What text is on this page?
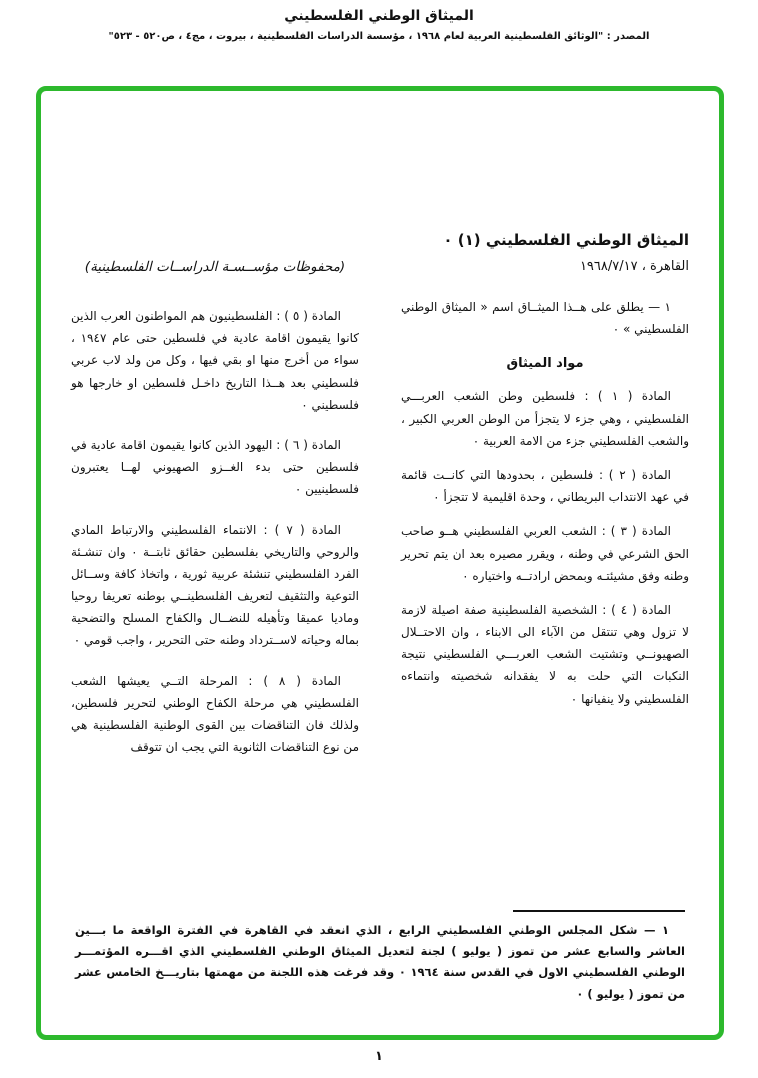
الميثاق الوطني الفلسطيني
المصدر : "الوثائق الفلسطينية العربية لعام ١٩٦٨ ، مؤسسة الدراسات الفلسطينية ، بيروت ، مج٤ ، ص٥٢٠ - ٥٢٣"
الميثاق الوطني الفلسطيني (١) ٠
القاهرة ، ١٩٦٨/٧/١٧

١ — يطلق على هــذا الميثــاق اسم « الميثاق الوطني الفلسطيني » ٠

مواد الميثاق

المادة ( ١ ) : فلسطين وطن الشعب العربـــي الفلسطيني ، وهي جزء لا يتجزأ من الوطن العربي الكبير ، والشعب الفلسطيني جزء من الامة العربية ٠

المادة ( ٢ ) : فلسطين ، بحدودها التي كانــت قائمة في عهد الانتداب البريطاني ، وحدة اقليمية لا تتجزأ ٠

المادة ( ٣ ) : الشعب العربي الفلسطيني هــو صاحب الحق الشرعي في وطنه ، ويقرر مصيره بعد ان يتم تحرير وطنه وفق مشيئتـه وبمحض ارادتــه واختياره ٠

المادة ( ٤ ) : الشخصية الفلسطينية صفة اصيلة لازمة لا تزول وهي تنتقل من الآباء الى الابناء ، وان الاحتــلال الصهيونــي وتشتيت الشعب العربـــي الفلسطيني نتيجة النكبات التي حلت به لا يفقدانه شخصيته وانتماءه الفلسطيني ولا ينفيانها ٠

(محفوظات مؤســسـة الدراســات الفلسطينية)

المادة ( ٥ ) : الفلسطينيون هم المواطنون العرب الذين كانوا يقيمون اقامة عادية في فلسطين حتى عام ١٩٤٧ ، سواء من أخرج منها او بقي فيها ، وكل من ولد لاب عربي فلسطيني بعد هــذا التاريخ داخـل فلسطين او خارجها هو فلسطيني ٠

المادة ( ٦ ) : اليهود الذين كانوا يقيمون اقامة عادية في فلسطين حتى بدء الغــزو الصهيوني لهــا يعتبرون فلسطينيين ٠

المادة ( ٧ ) : الانتماء الفلسطيني والارتباط المادي والروحي والتاريخي بفلسطين حقائق ثابتــة ٠ وان تنشـئة الفرد الفلسطيني تنشئة عربية ثورية ، واتخاذ كافة وســائل التوعية والتثقيف لتعريف الفلسطينــي بوطنه تعريفا روحيا وماديا عميقا وتأهيله للنضــال والكفاح المسلح والتضحية بماله وحياته لاســترداد وطنه حتى التحرير ، واجب قومي ٠

المادة ( ٨ ) : المرحلة التــي يعيشها الشعب الفلسطيني هي مرحلة الكفاح الوطني لتحرير فلسطين، ولذلك فان التناقضات بين القوى الوطنية الفلسطينية هي من نوع التناقضات الثانوية التي يجب ان تتوقف

١ — شكل المجلس الوطني الفلسطيني الرابع ، الذي انعقد في القاهرة في الفترة الواقعة ما بـــين العاشر والسابع عشر من تموز ( يوليو ) لجنة لتعديل الميثاق الوطني الفلسطيني الذي اقـــره المؤتمـــر الوطني الفلسطيني الاول في القدس سنة ١٩٦٤ ٠ وقد فرغت هذه اللجنة من مهمتها بتاريـــخ الخامس عشر من تموز ( يوليو ) ٠

١
